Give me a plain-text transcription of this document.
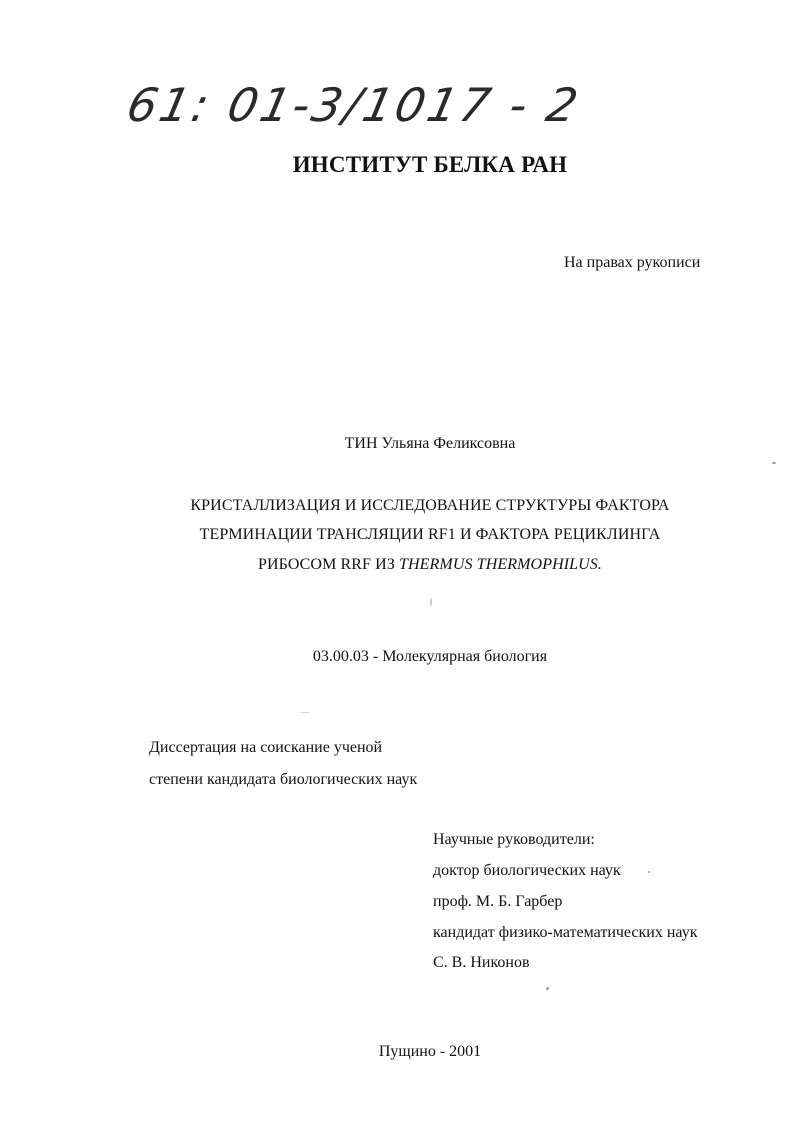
61: 01-3/1017 - 2
ИНСТИТУТ БЕЛКА РАН
На правах рукописи
ТИН Ульяна Феликсовна
КРИСТАЛЛИЗАЦИЯ И ИССЛЕДОВАНИЕ СТРУКТУРЫ ФАКТОРА
ТЕРМИНАЦИИ ТРАНСЛЯЦИИ RF1 И ФАКТОРА РЕЦИКЛИНГА
РИБОСОМ RRF ИЗ THERMUS THERMOPHILUS.
03.00.03 - Молекулярная биология
Диссертация на соискание ученой
степени кандидата биологических наук
Научные руководители:
доктор биологических наук
проф. М. Б. Гарбер
кандидат физико-математических наук
С. В. Никонов
Пущино - 2001
